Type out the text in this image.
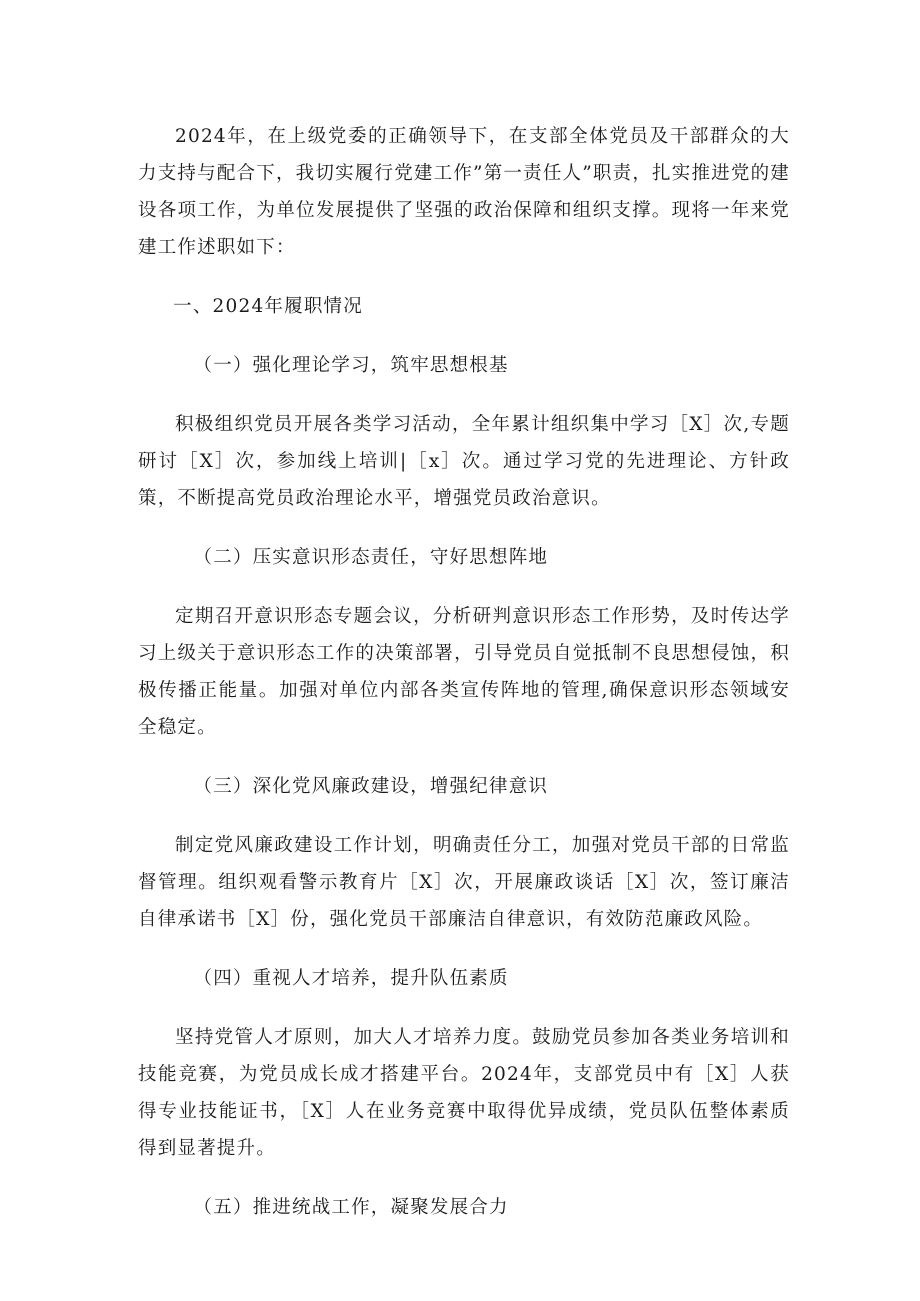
2024年，在上级党委的正确领导下，在支部全体党员及干部群众的大力支持与配合下，我切实履行党建工作”第一责任人”职责，扎实推进党的建设各项工作，为单位发展提供了坚强的政治保障和组织支撑。现将一年来党建工作述职如下：

一、2024年履职情况

（一）强化理论学习，筑牢思想根基

积极组织党员开展各类学习活动，全年累计组织集中学习［X］次,专题研讨［X］次，参加线上培训|［x］次。通过学习党的先进理论、方针政策，不断提高党员政治理论水平，增强党员政治意识。

（二）压实意识形态责任，守好思想阵地

定期召开意识形态专题会议，分析研判意识形态工作形势，及时传达学习上级关于意识形态工作的决策部署，引导党员自觉抵制不良思想侵蚀，积极传播正能量。加强对单位内部各类宣传阵地的管理,确保意识形态领域安全稳定。

（三）深化党风廉政建设，增强纪律意识

制定党风廉政建设工作计划，明确责任分工，加强对党员干部的日常监督管理。组织观看警示教育片［X］次，开展廉政谈话［X］次，签订廉洁自律承诺书［X］份，强化党员干部廉洁自律意识，有效防范廉政风险。

（四）重视人才培养，提升队伍素质

坚持党管人才原则，加大人才培养力度。鼓励党员参加各类业务培训和技能竞赛，为党员成长成才搭建平台。2024年，支部党员中有［X］人获得专业技能证书，［X］人在业务竞赛中取得优异成绩，党员队伍整体素质得到显著提升。

（五）推进统战工作，凝聚发展合力
